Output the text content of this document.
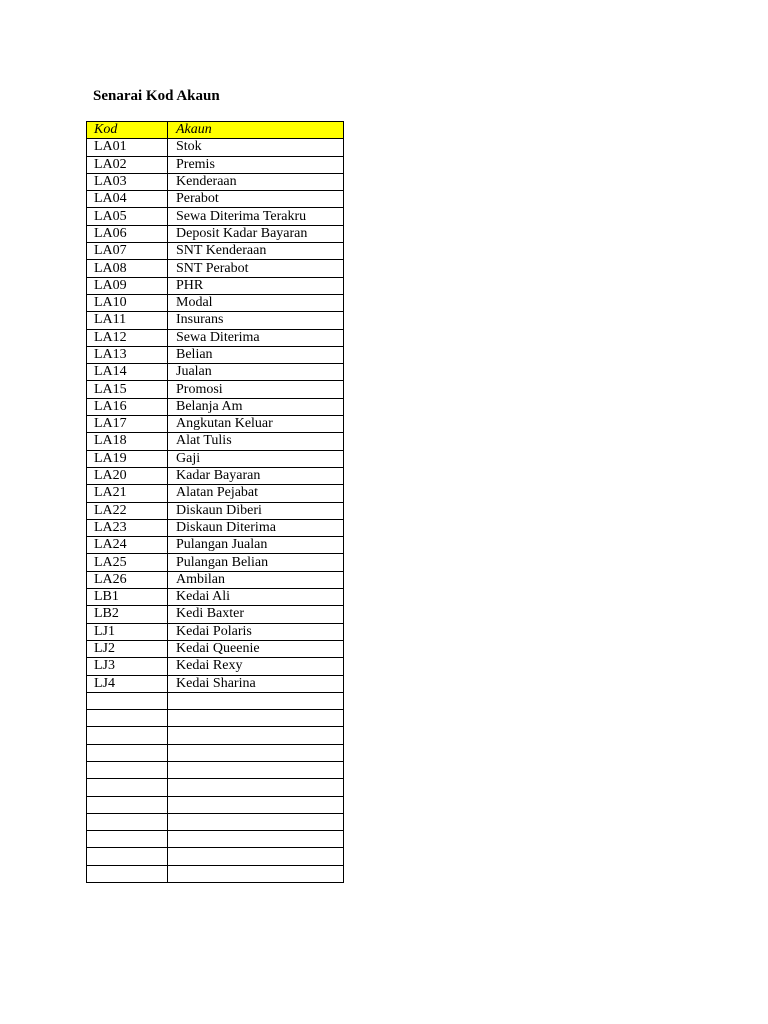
Senarai Kod Akaun
Kod	Akaun
LA01	Stok
LA02	Premis
LA03	Kenderaan
LA04	Perabot
LA05	Sewa Diterima Terakru
LA06	Deposit Kadar Bayaran
LA07	SNT Kenderaan
LA08	SNT Perabot
LA09	PHR
LA10	Modal
LA11	Insurans
LA12	Sewa Diterima
LA13	Belian
LA14	Jualan
LA15	Promosi
LA16	Belanja Am
LA17	Angkutan Keluar
LA18	Alat Tulis
LA19	Gaji
LA20	Kadar Bayaran
LA21	Alatan Pejabat
LA22	Diskaun Diberi
LA23	Diskaun Diterima
LA24	Pulangan Jualan
LA25	Pulangan Belian
LA26	Ambilan
LB1	Kedai Ali
LB2	Kedi Baxter
LJ1	Kedai Polaris
LJ2	Kedai Queenie
LJ3	Kedai Rexy
LJ4	Kedai Sharina
